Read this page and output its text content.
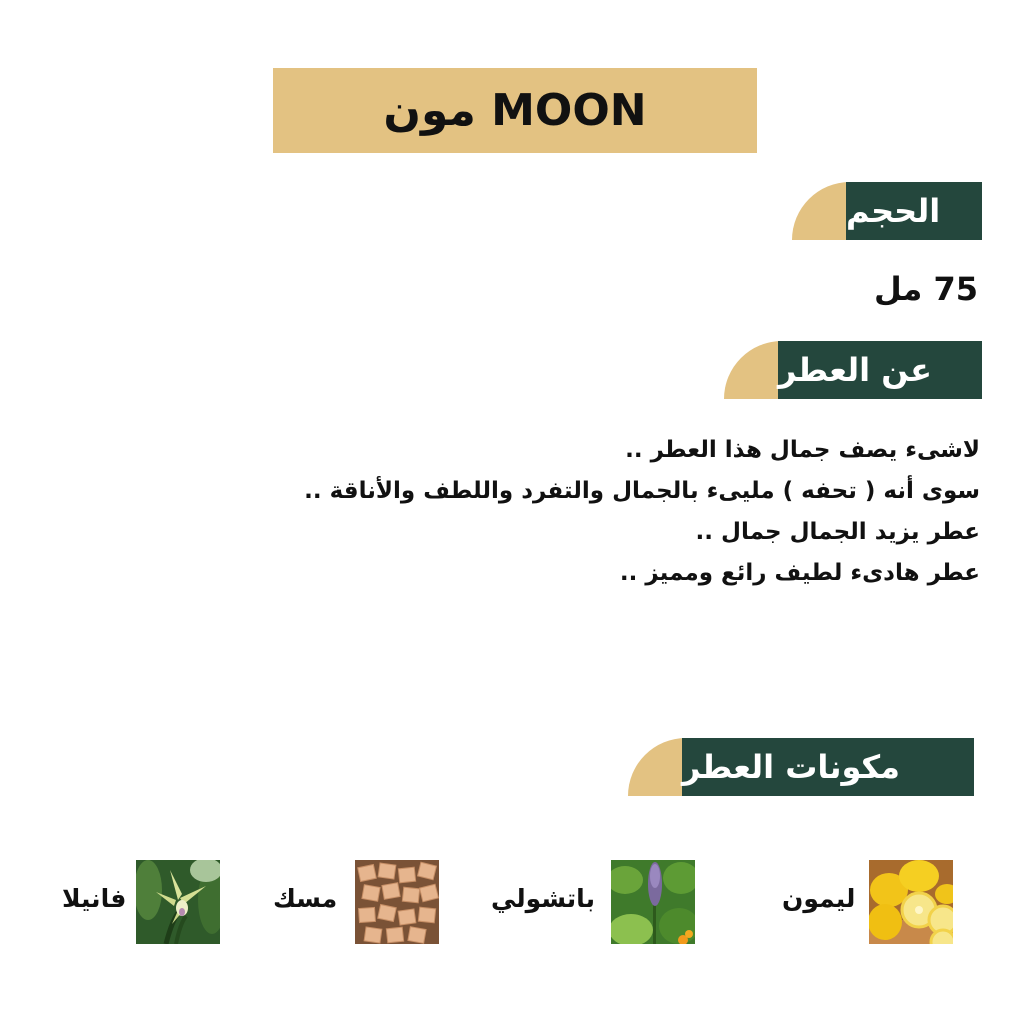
مون MOON
الحجم
75 مل
عن العطر
لاشىء يصف جمال هذا العطر ..
سوى أنه ( تحفه ) مليىء بالجمال والتفرد واللطف والأناقة ..
عطر يزيد الجمال جمال ..
عطر هادىء لطيف رائع ومميز ..
مكونات العطر
ليمون
باتشولي
مسك
فانيلا
